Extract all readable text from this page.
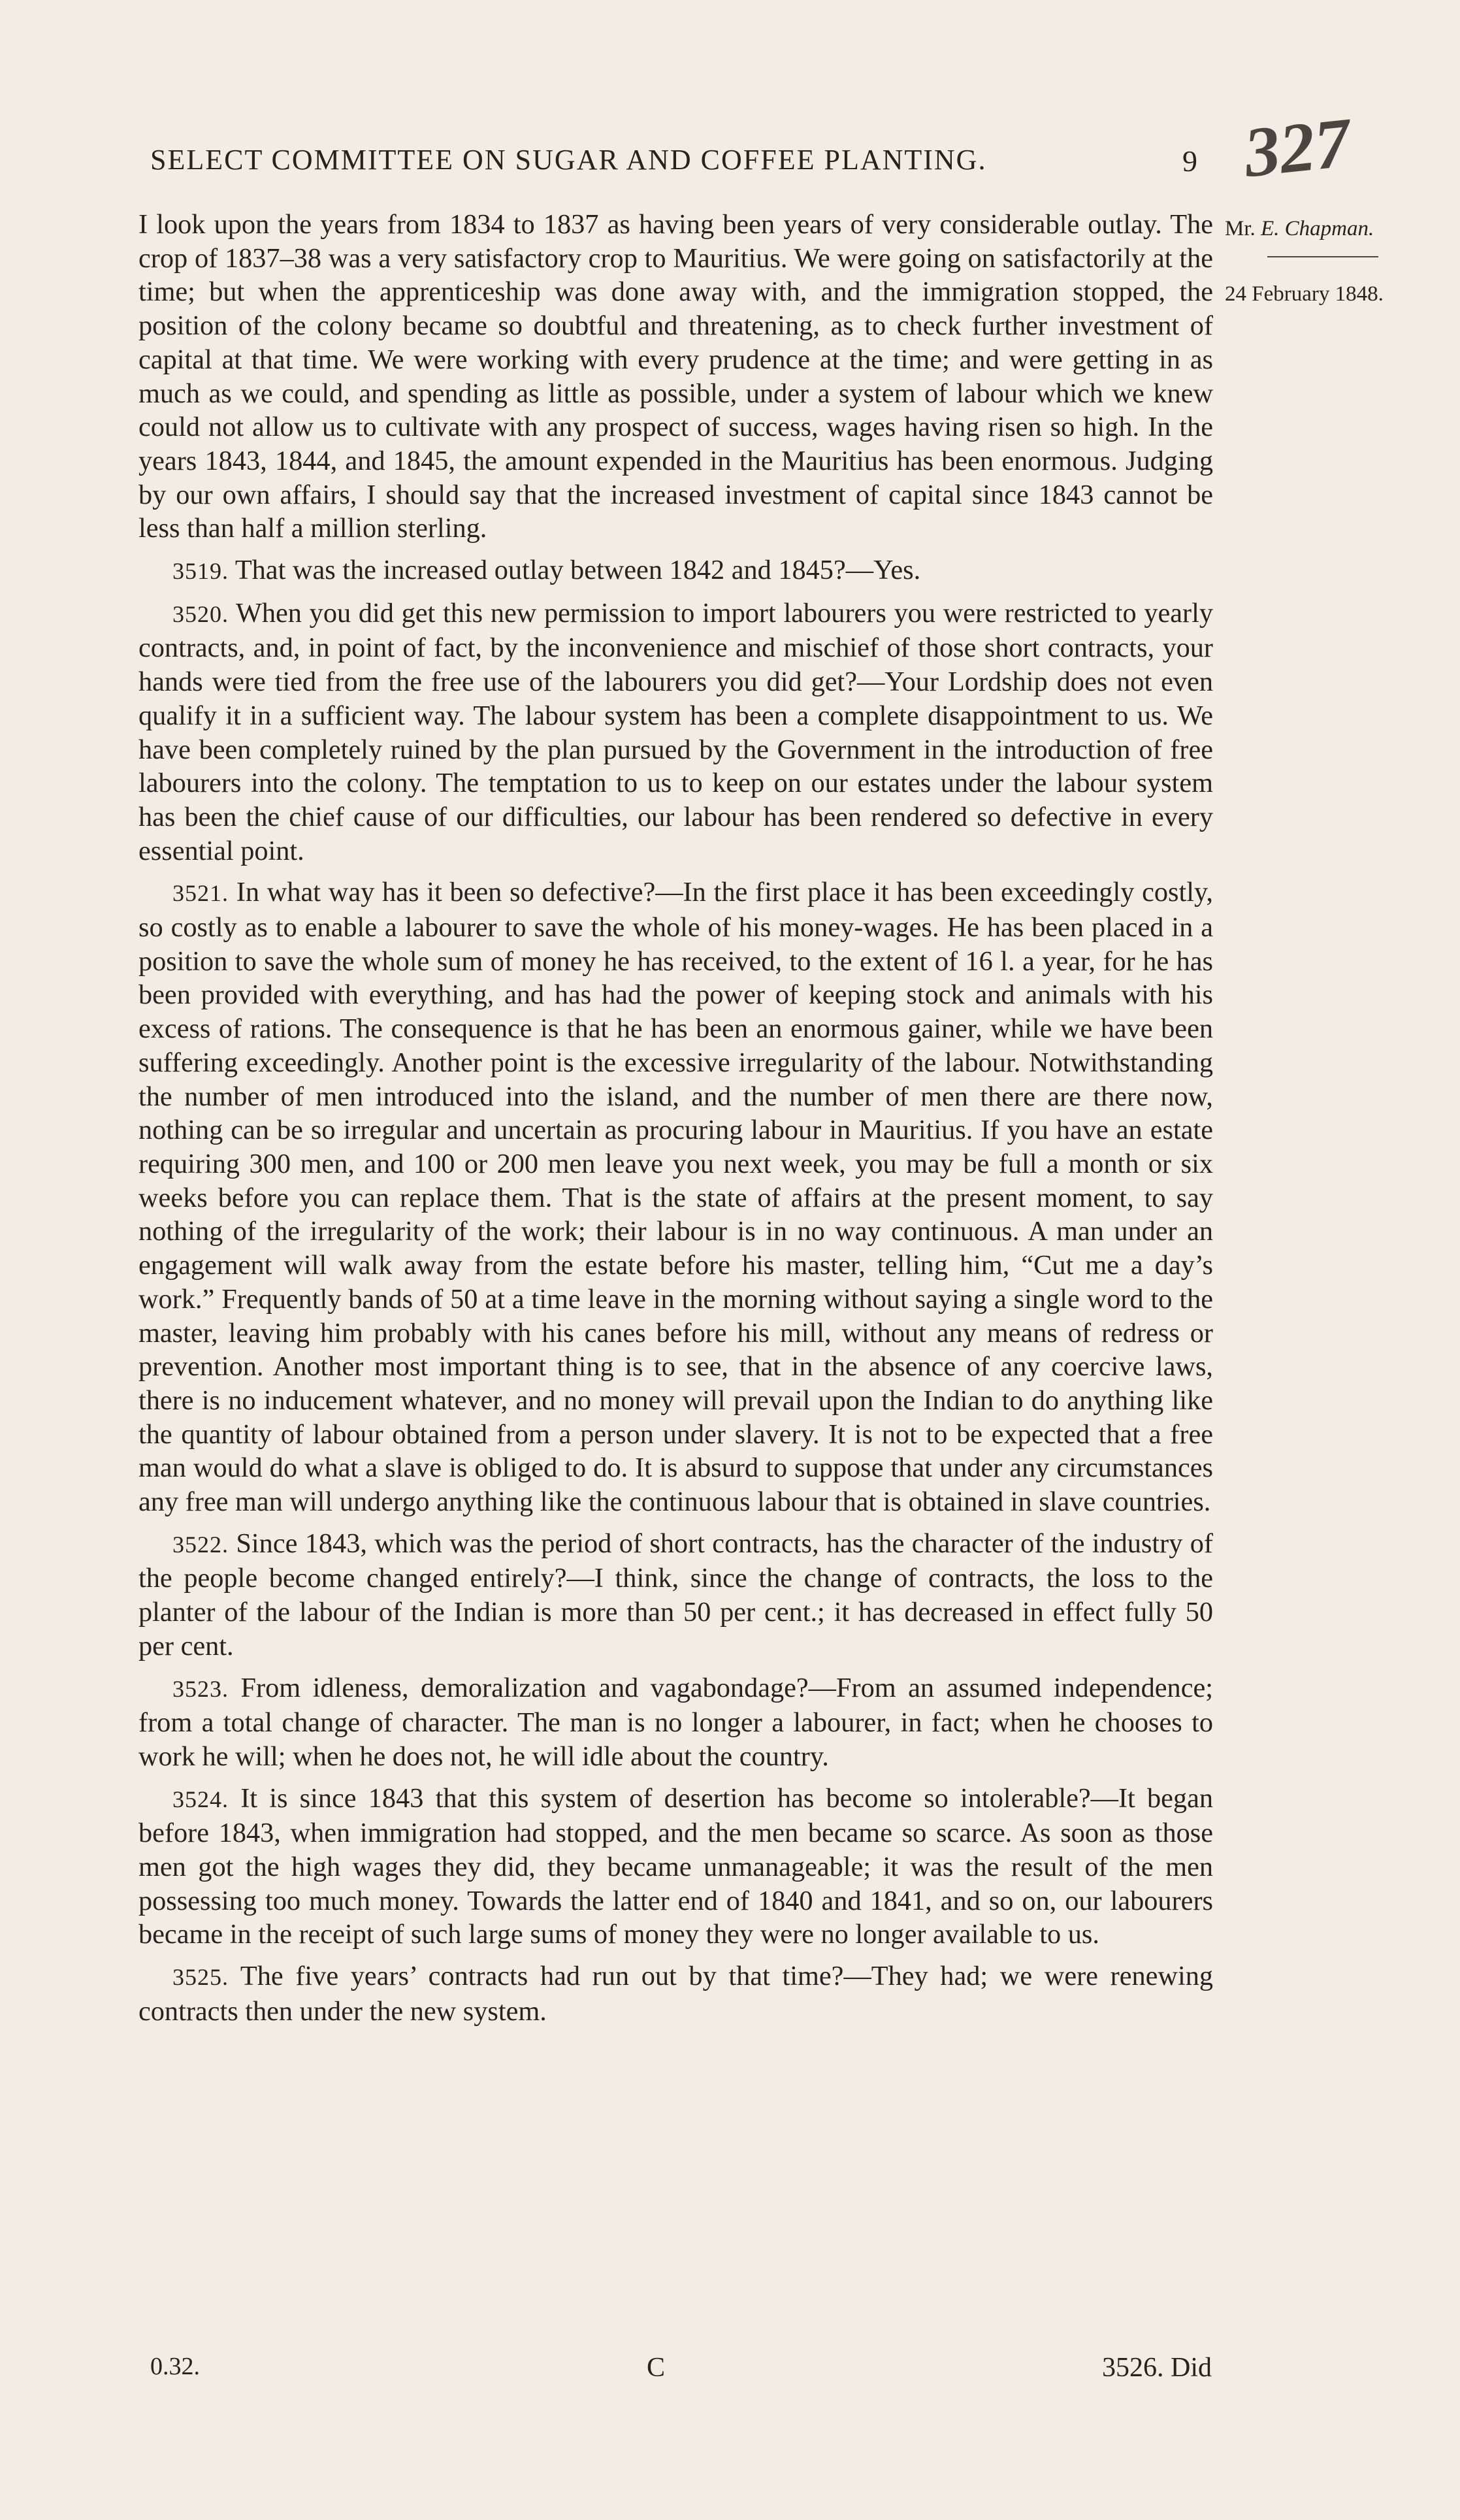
SELECT COMMITTEE ON SUGAR AND COFFEE PLANTING.	9 327
Mr. E. Chapman.
24 February 1848.

I look upon the years from 1834 to 1837 as having been years of very considerable outlay. The crop of 1837–38 was a very satisfactory crop to Mauritius. We were going on satisfactorily at the time; but when the apprenticeship was done away with, and the immigration stopped, the position of the colony became so doubtful and threatening, as to check further investment of capital at that time. We were working with every prudence at the time; and were getting in as much as we could, and spending as little as possible, under a system of labour which we knew could not allow us to cultivate with any prospect of success, wages having risen so high. In the years 1843, 1844, and 1845, the amount expended in the Mauritius has been enormous. Judging by our own affairs, I should say that the increased investment of capital since 1843 cannot be less than half a million sterling.

3519. That was the increased outlay between 1842 and 1845?—Yes.

3520. When you did get this new permission to import labourers you were restricted to yearly contracts, and, in point of fact, by the inconvenience and mischief of those short contracts, your hands were tied from the free use of the labourers you did get?—Your Lordship does not even qualify it in a sufficient way. The labour system has been a complete disappointment to us. We have been completely ruined by the plan pursued by the Government in the introduction of free labourers into the colony. The temptation to us to keep on our estates under the labour system has been the chief cause of our difficulties, our labour has been rendered so defective in every essential point.

3521. In what way has it been so defective?—In the first place it has been exceedingly costly, so costly as to enable a labourer to save the whole of his money-wages. He has been placed in a position to save the whole sum of money he has received, to the extent of 16 l. a year, for he has been provided with everything, and has had the power of keeping stock and animals with his excess of rations. The consequence is that he has been an enormous gainer, while we have been suffering exceedingly. Another point is the excessive irregularity of the labour. Notwithstanding the number of men introduced into the island, and the number of men there are there now, nothing can be so irregular and uncertain as procuring labour in Mauritius. If you have an estate requiring 300 men, and 100 or 200 men leave you next week, you may be full a month or six weeks before you can replace them. That is the state of affairs at the present moment, to say nothing of the irregularity of the work; their labour is in no way continuous. A man under an engagement will walk away from the estate before his master, telling him, “Cut me a day’s work.” Frequently bands of 50 at a time leave in the morning without saying a single word to the master, leaving him probably with his canes before his mill, without any means of redress or prevention. Another most important thing is to see, that in the absence of any coercive laws, there is no inducement whatever, and no money will prevail upon the Indian to do anything like the quantity of labour obtained from a person under slavery. It is not to be expected that a free man would do what a slave is obliged to do. It is absurd to suppose that under any circumstances any free man will undergo anything like the continuous labour that is obtained in slave countries.

3522. Since 1843, which was the period of short contracts, has the character of the industry of the people become changed entirely?—I think, since the change of contracts, the loss to the planter of the labour of the Indian is more than 50 per cent.; it has decreased in effect fully 50 per cent.

3523. From idleness, demoralization and vagabondage?—From an assumed independence; from a total change of character. The man is no longer a labourer, in fact; when he chooses to work he will; when he does not, he will idle about the country.

3524. It is since 1843 that this system of desertion has become so intolerable?—It began before 1843, when immigration had stopped, and the men became so scarce. As soon as those men got the high wages they did, they became unmanageable; it was the result of the men possessing too much money. Towards the latter end of 1840 and 1841, and so on, our labourers became in the receipt of such large sums of money they were no longer available to us.

3525. The five years’ contracts had run out by that time?—They had; we were renewing contracts then under the new system.

0.32.	C	3526. Did
